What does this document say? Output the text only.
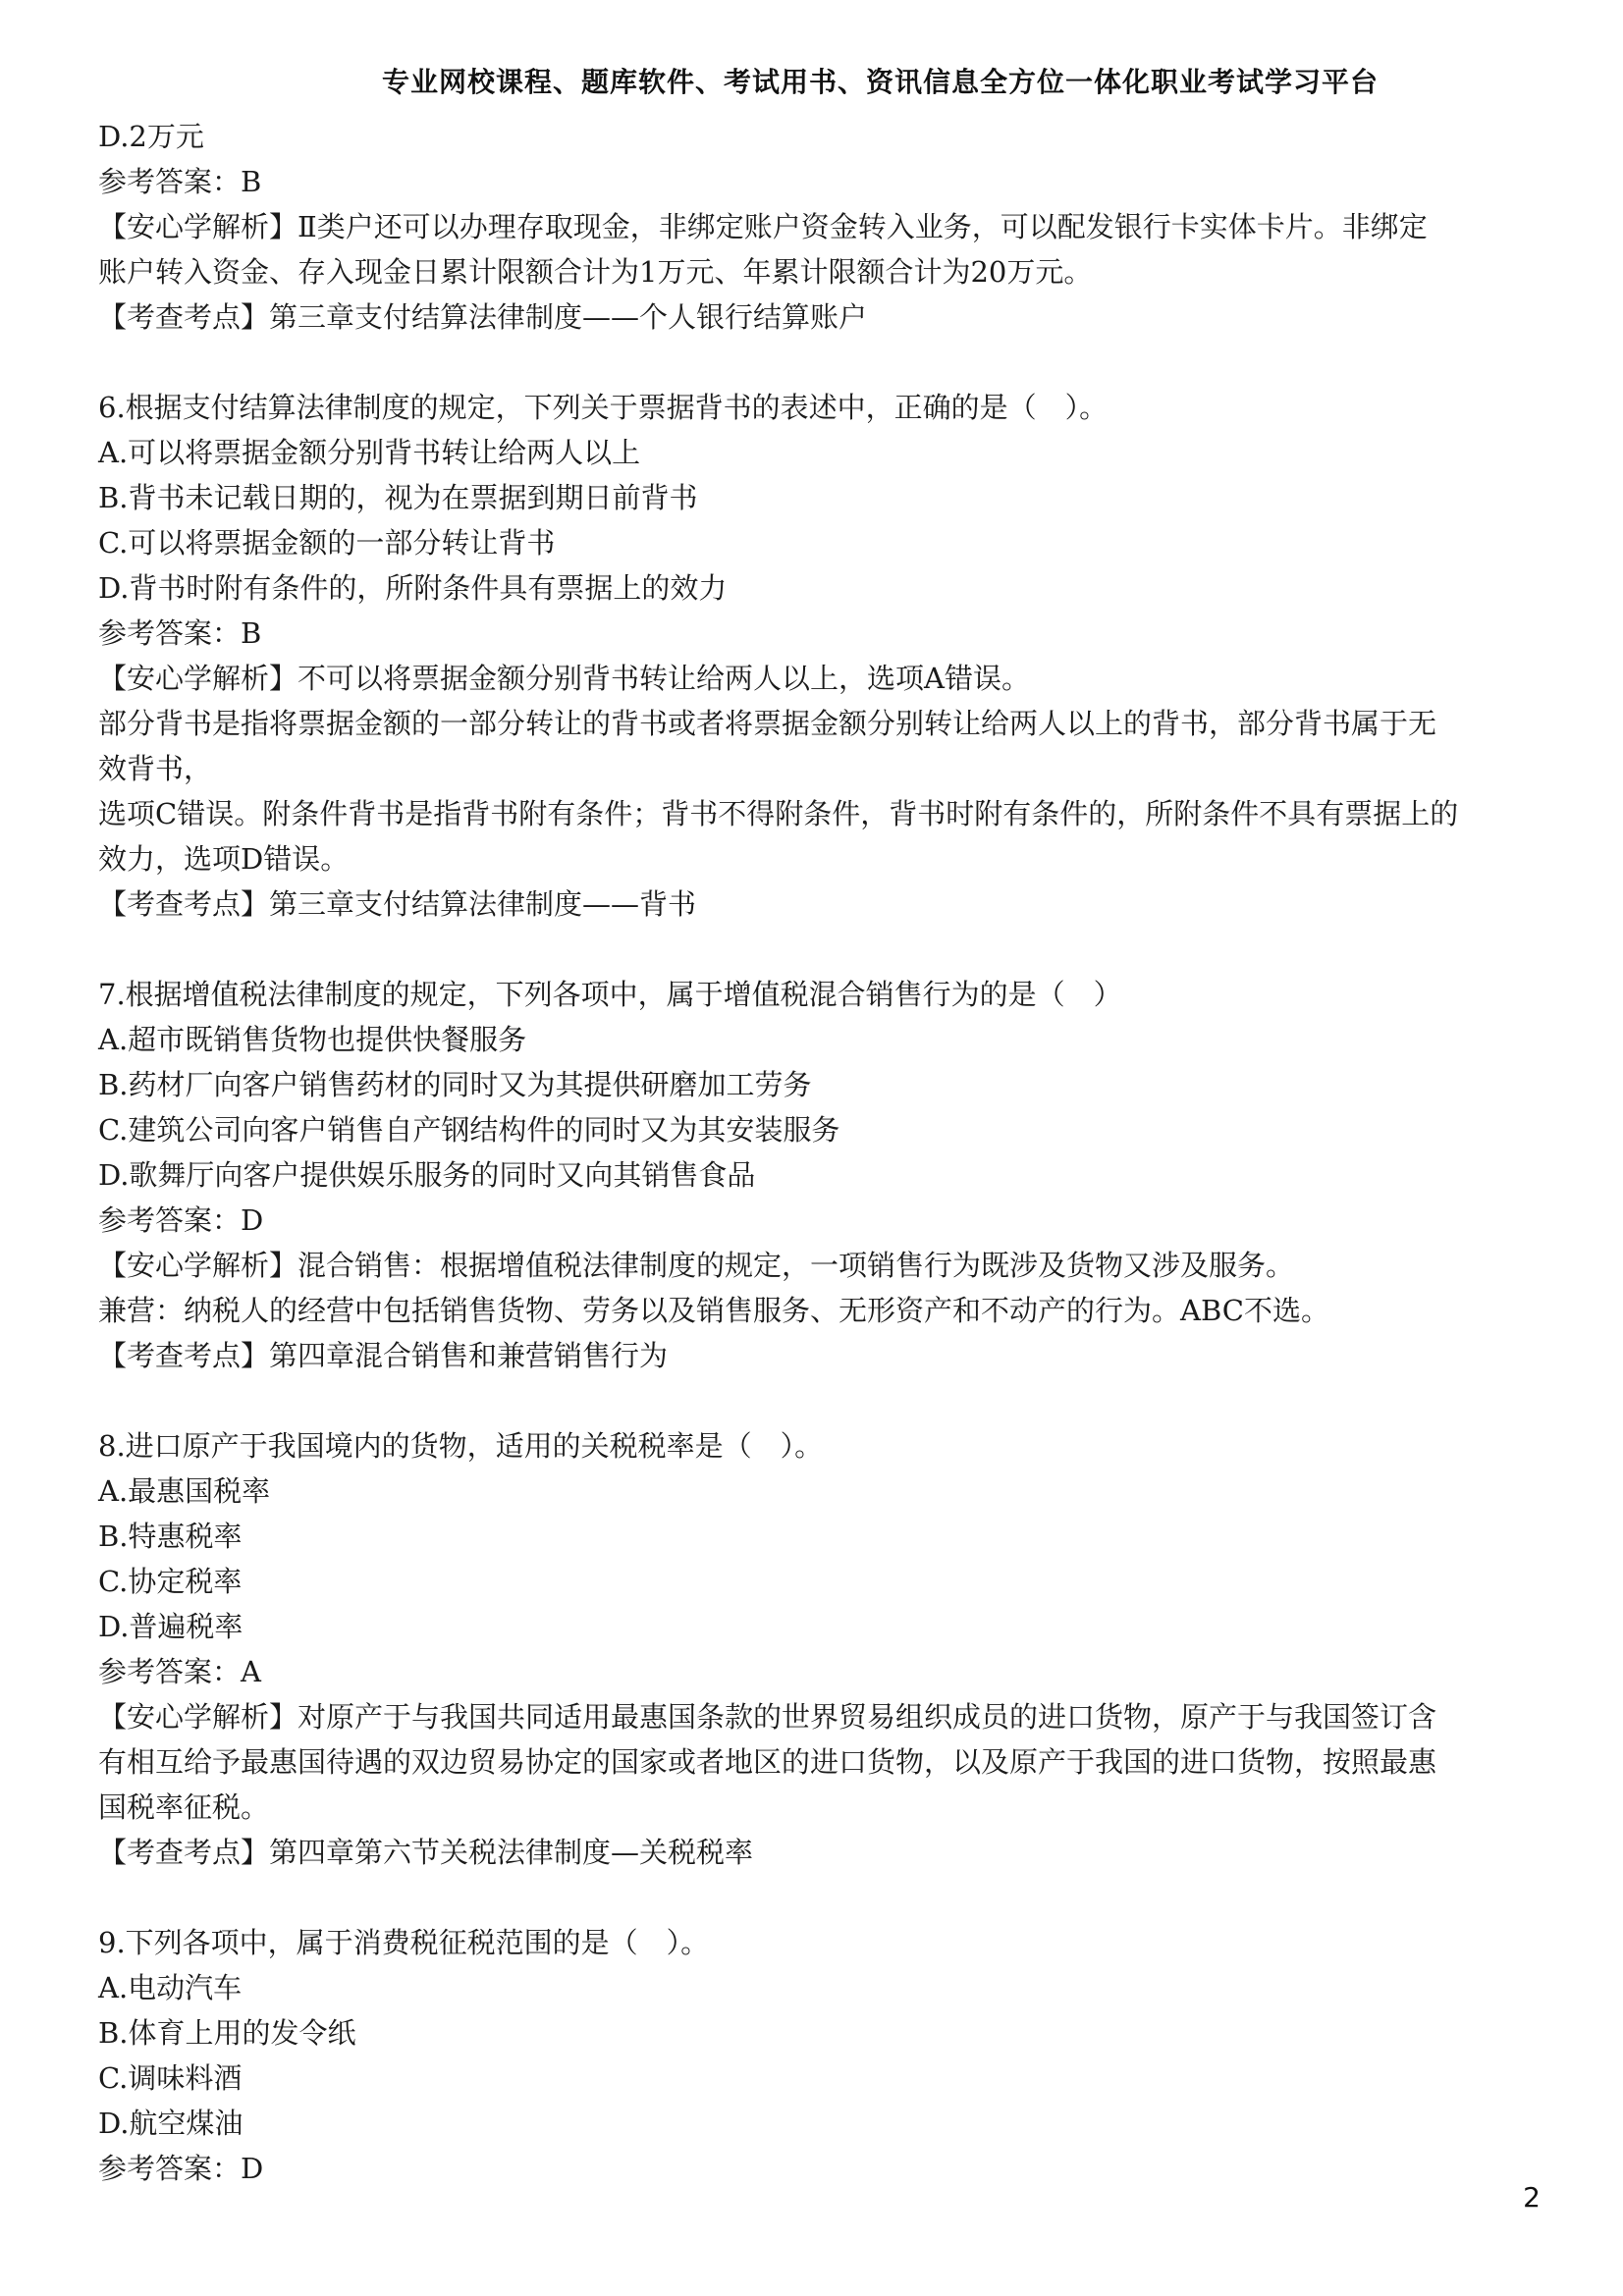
专业网校课程、题库软件、考试用书、资讯信息全方位一体化职业考试学习平台

D.2万元

参考答案：B

【安心学解析】Ⅱ类户还可以办理存取现金，非绑定账户资金转入业务，可以配发银行卡实体卡片。非绑定

账户转入资金、存入现金日累计限额合计为1万元、年累计限额合计为20万元。

【考查考点】第三章支付结算法律制度——个人银行结算账户

6.根据支付结算法律制度的规定，下列关于票据背书的表述中，正确的是（　）。

A.可以将票据金额分别背书转让给两人以上

B.背书未记载日期的，视为在票据到期日前背书

C.可以将票据金额的一部分转让背书

D.背书时附有条件的，所附条件具有票据上的效力

参考答案：B

【安心学解析】不可以将票据金额分别背书转让给两人以上，选项A错误。

部分背书是指将票据金额的一部分转让的背书或者将票据金额分别转让给两人以上的背书，部分背书属于无

效背书，

选项C错误。附条件背书是指背书附有条件；背书不得附条件，背书时附有条件的，所附条件不具有票据上的

效力，选项D错误。

【考查考点】第三章支付结算法律制度——背书

7.根据增值税法律制度的规定，下列各项中，属于增值税混合销售行为的是（　）

A.超市既销售货物也提供快餐服务

B.药材厂向客户销售药材的同时又为其提供研磨加工劳务

C.建筑公司向客户销售自产钢结构件的同时又为其安装服务

D.歌舞厅向客户提供娱乐服务的同时又向其销售食品

参考答案：D

【安心学解析】混合销售：根据增值税法律制度的规定，一项销售行为既涉及货物又涉及服务。

兼营：纳税人的经营中包括销售货物、劳务以及销售服务、无形资产和不动产的行为。ABC不选。

【考查考点】第四章混合销售和兼营销售行为

8.进口原产于我国境内的货物，适用的关税税率是（　）。

A.最惠国税率

B.特惠税率

C.协定税率

D.普遍税率

参考答案：A

【安心学解析】对原产于与我国共同适用最惠国条款的世界贸易组织成员的进口货物，原产于与我国签订含

有相互给予最惠国待遇的双边贸易协定的国家或者地区的进口货物，以及原产于我国的进口货物，按照最惠

国税率征税。

【考查考点】第四章第六节关税法律制度—关税税率

9.下列各项中，属于消费税征税范围的是（　）。

A.电动汽车

B.体育上用的发令纸

C.调味料酒

D.航空煤油

参考答案：D

2
